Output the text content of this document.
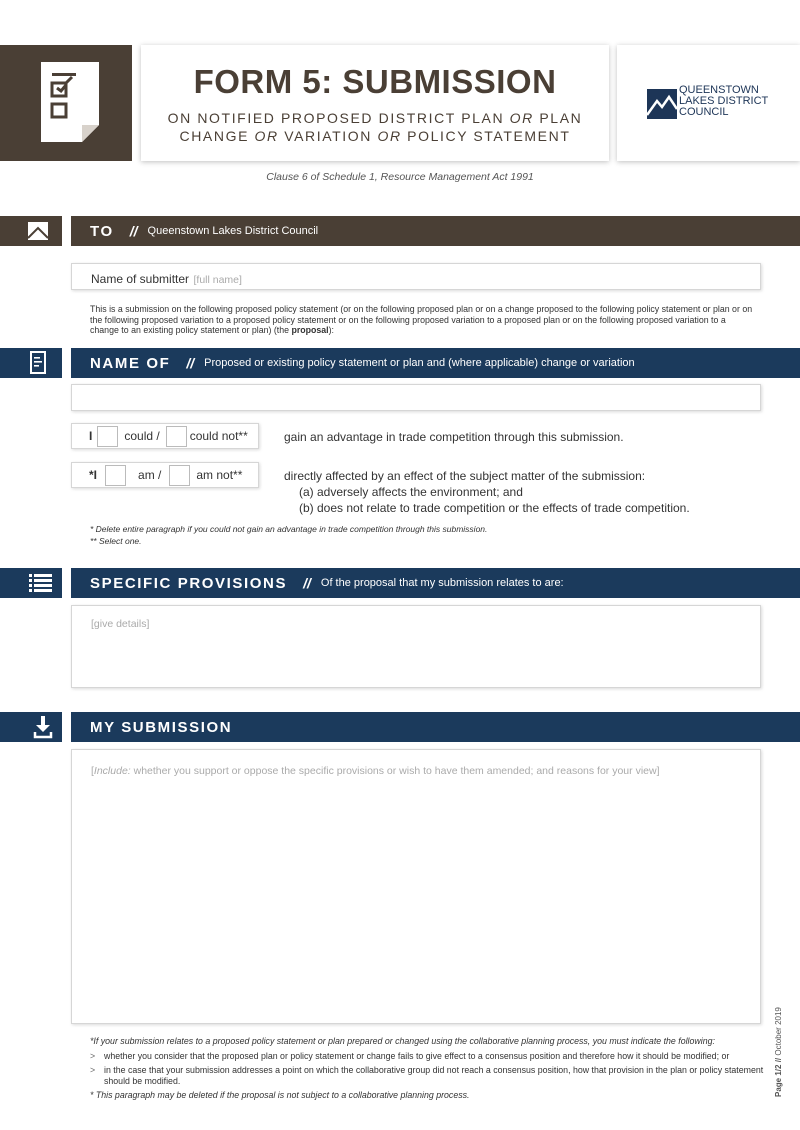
FORM 5: SUBMISSION
ON NOTIFIED PROPOSED DISTRICT PLAN OR PLAN
CHANGE OR VARIATION OR POLICY STATEMENT
QUEENSTOWN
LAKES DISTRICT
COUNCIL
Clause 6 of Schedule 1, Resource Management Act 1991
TO // Queenstown Lakes District Council
Name of submitter [full name]
This is a submission on the following proposed policy statement (or on the following proposed plan or on a change proposed to the following policy statement or plan or on the following proposed variation to a proposed policy statement or on the following proposed variation to a proposed plan or on the following proposed variation to a change to an existing policy statement or plan) (the proposal):
NAME OF // Proposed or existing policy statement or plan and (where applicable) change or variation
I	could /	could not**	gain an advantage in trade competition through this submission.
*I	am /	am not**	directly affected by an effect of the subject matter of the submission:
(a) adversely affects the environment; and
(b) does not relate to trade competition or the effects of trade competition.
* Delete entire paragraph if you could not gain an advantage in trade competition through this submission.
** Select one.
SPECIFIC PROVISIONS // Of the proposal that my submission relates to are:
[give details]
MY SUBMISSION
[Include: whether you support or oppose the specific provisions or wish to have them amended; and reasons for your view]
*If your submission relates to a proposed policy statement or plan prepared or changed using the collaborative planning process, you must indicate the following:
>	whether you consider that the proposed plan or policy statement or change fails to give effect to a consensus position and therefore how it should be modified; or
>	in the case that your submission addresses a point on which the collaborative group did not reach a consensus position, how that provision in the plan or policy statement should be modified.
* This paragraph may be deleted if the proposal is not subject to a collaborative planning process.	Page 1/2 // October 2019
